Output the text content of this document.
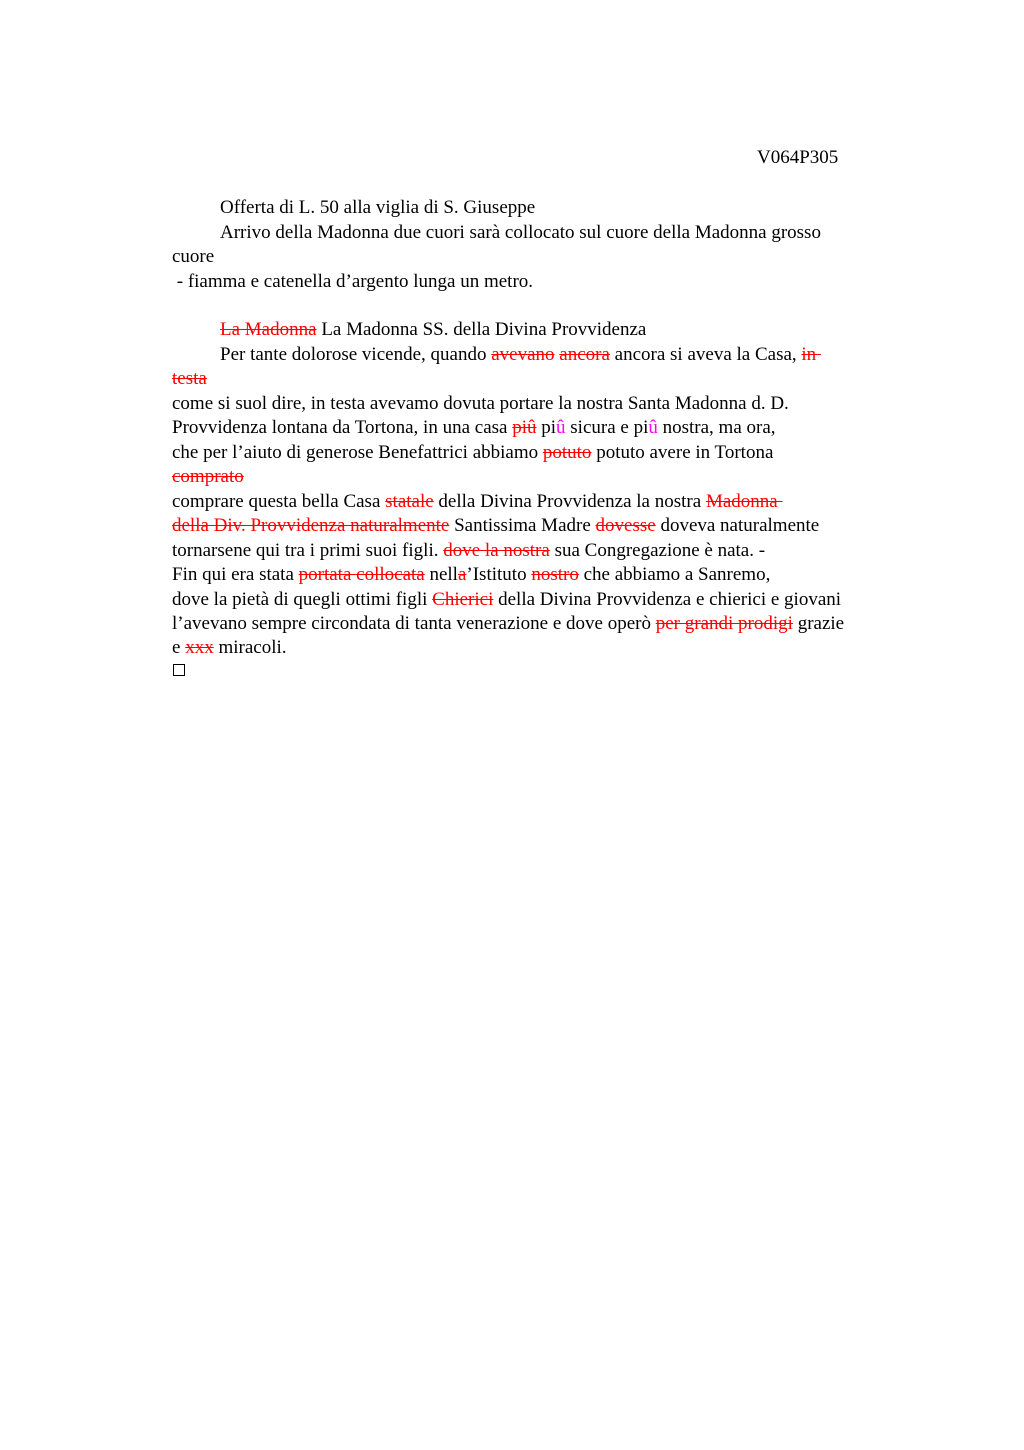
V064P305
Offerta di L. 50 alla viglia di S. Giuseppe
Arrivo della Madonna due cuori sarà collocato sul cuore della Madonna grosso
cuore
- fiamma e catenella d’argento lunga un metro.
La Madonna La Madonna SS. della Divina Provvidenza
Per tante dolorose vicende, quando avevano ancora ancora si aveva la Casa, in
testa
come si suol dire, in testa avevamo dovuta portare la nostra Santa Madonna d. D.
Provvidenza lontana da Tortona, in una casa piû piû sicura e piû nostra, ma ora,
che per l’aiuto di generose Benefattrici abbiamo potuto potuto avere in Tortona
comprato
comprare questa bella Casa statale della Divina Provvidenza la nostra Madonna
della Div. Provvidenza naturalmente Santissima Madre dovesse doveva naturalmente
tornarsene qui tra i primi suoi figli. dove la nostra sua Congregazione è nata. -
Fin qui era stata portata collocata nella’Istituto nostro che abbiamo a Sanremo,
dove la pietà di quegli ottimi figli Chierici della Divina Provvidenza e chierici e giovani
l’avevano sempre circondata di tanta venerazione e dove operò per grandi prodigi grazie
e xxx miracoli.
